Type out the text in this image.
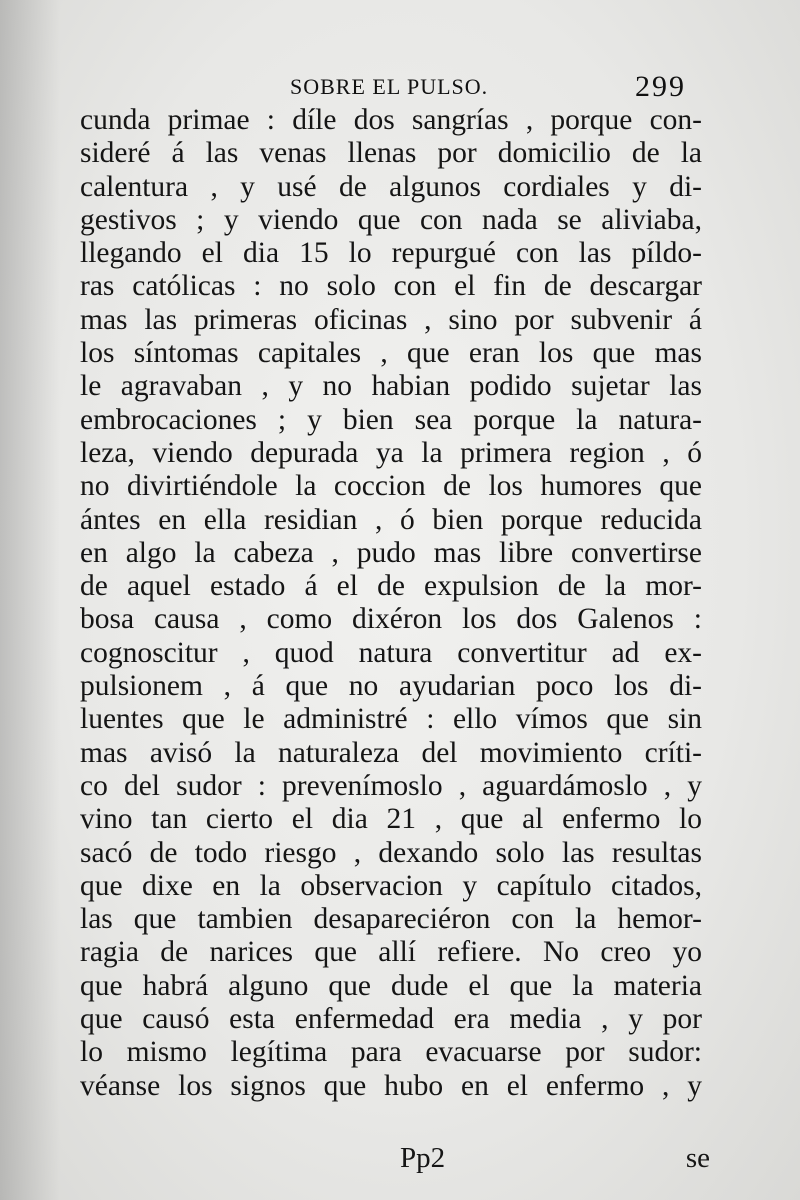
SOBRE EL PULSO.	299
cunda primae : díle dos sangrías , porque con-
sideré á las venas llenas por domicilio de la
calentura , y usé de algunos cordiales y di-
gestivos ; y viendo que con nada se aliviaba,
llegando el dia 15 lo repurgué con las píldo-
ras católicas : no solo con el fin de descargar
mas las primeras oficinas , sino por subvenir á
los síntomas capitales , que eran los que mas
le agravaban , y no habian podido sujetar las
embrocaciones ; y bien sea porque la natura-
leza, viendo depurada ya la primera region , ó
no divirtiéndole la coccion de los humores que
ántes en ella residian , ó bien porque reducida
en algo la cabeza , pudo mas libre convertirse
de aquel estado á el de expulsion de la mor-
bosa causa , como dixéron los dos Galenos :
cognoscitur , quod natura convertitur ad ex-
pulsionem , á que no ayudarian poco los di-
luentes que le administré : ello vímos que sin
mas avisó la naturaleza del movimiento críti-
co del sudor : prevenímoslo , aguardámoslo , y
vino tan cierto el dia 21 , que al enfermo lo
sacó de todo riesgo , dexando solo las resultas
que dixe en la observacion y capítulo citados,
las que tambien desapareciéron con la hemor-
ragia de narices que allí refiere. No creo yo
que habrá alguno que dude el que la materia
que causó esta enfermedad era media , y por
lo mismo legítima para evacuarse por sudor:
véanse los signos que hubo en el enfermo , y
Pp2	se
